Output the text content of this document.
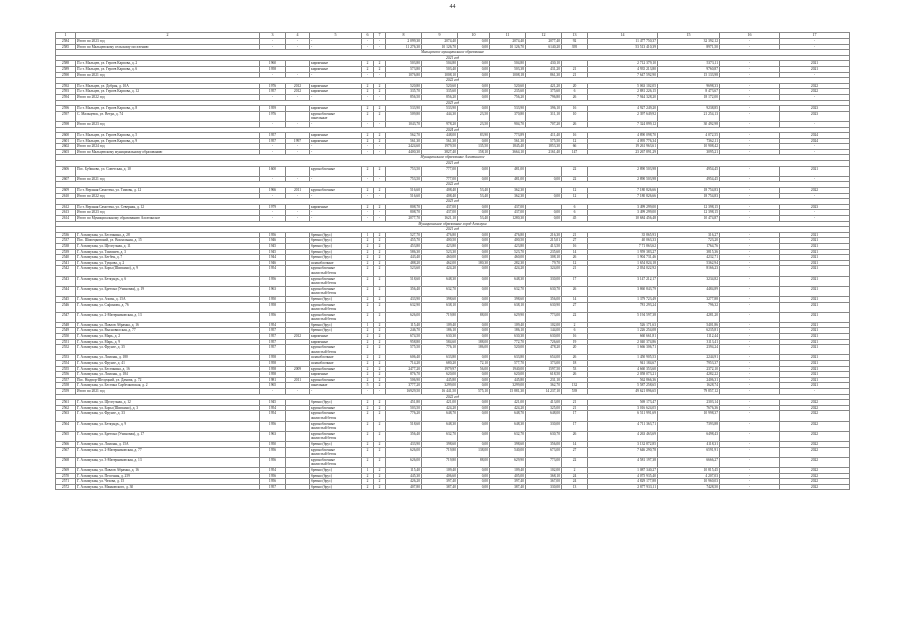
44
1	2	3	4	5	6	7	8	9	10	11	12	13	14	15	16	17
2584	Итого по 2023 год	-	-	-	-	-	2 099,30	2074,40	0,00	2074,40	2077,40	92	11 477 750,37	32 392,12	-	-
2585	Итого по Мальцевскому сельскому поселению	-	-	-	-	-	11 276,30	10 126,70	0,00	10 126,70	6140,20	395	53 513 410,39	8971,50	-	-
Мальцевское муниципальное образование																
2021 год																
2588	П.г.т. Мальцев, ул. Героев Карпова, д. 2	1960		кирпичные	2	2	503,80	504,80	0,00	504,80	430,10		2 712 379,10	5373,11	-	2021
2589	П.г.т. Мальцев, ул. Героев Карпова, д. 6	1958		кирпичные	2	2	573,80	503,40	0,00	503,38	431,20	21	4 935 213,80	9760,87	-	2021
2590	Итого по 2021 год	-	-	-	-	-	1076,80	1008,10	0,00	1008,18	861,30	21	7 647 592,90	15 133,98	-	-
2022 год																
2592	П.г.т. Мальцев, ул. Добрая, д. 10А	1976	2012	кирпичные	2	2	520,80	520,60	0,00	520,60	421,20	20	5 063 102,05	9698,33	-	2022
2593	П.г.т. Мальцев, ул. Героев Карпова, д. 12	1957	2012	кирпичные	2	2	335,70	335,60	0,00	235,60	375,60	6	2 881 226,15	8 473,67	-	2022
2594	Итого по 2022 год	-	-	-	-	-	856,50	856,20	0,00	756,20	796,80	26	7 944 328,20	18 172,00	-	-
2023 год																
2596	П.г.т. Мальцев, ул. Героев Карпова, д. 8	1959		кирпичные	2	2	533,90	533,90	0,00	533,90	396,10	16	4 927 249,20	9238,85	-	2023
2597	С. Мальцевск, ул. Ветра, д. 74	1976		крупноблочные
панельные	2	2	509,80	444,30	23,50	370,80	311,10	10	2 397 649,92	21 254,13	-	2023
2598	Итого по 2023 год	-	-	-	-	-	1043,70	978,20	23,50	904,70	707,20	26	7 324 899,12	30 492,98	-	-
2024 год																
2600	П.г.т. Мальцев, ул. Героев Карпова, д. 5	1957		кирпичные	2	2	562,70	448,00	83,90	773,89	411,40	16	4 890 098,70	4 072,55	-	2024
2601	П.г.т. Мальцев, ул. Героев Карпова, д. 9	1957	1997	кирпичные	2	2	561,30	561,30	0,00	561,30	575,50	12	4 095 776,34	7362,11	-	2024
2602	Итого по 2024 год	-	-	-	-	-	2424,60	1979,50	135,50	1845,40	1853,30	66	19 261 963,61	10 908,42	-	-
2603	Итого по Мальцевскому муниципальному образованию	-	-	-	-	-	4400,30	3827,40	158,10	3664,10	2161,40	147	23 267 891,29	3095,21	-	-
Муниципальное образование Алгатинское																
2021 год																
2606	Пос. Бубиково, ул. Советская, д. 10	1600		крупноблочные	2	2	753,50	777,00	0,00	481,00		22	2 890 503,98	4954,45	-	2021
2607	Итого по 2021 год	-	-	-	-	-	753,50	777,00	0,00	481,00	0,00	22	2 890 503,98	4954,45	-	-
2022 год																
2609	П.г.т. Верхняя Самотека, ул. Тимовь, д. 12	1966	2011	крупноблочные	2	2	516,60	408,40	53,40	362,30		12	7 180 826,66	18 754,83	-	2022
2610	Итого по 2022 год	-	-	-	-	-	516,60	408,40	53,40	362,30	0,00	12	7 180 826,66	18 754,83	-	-
2023 год																
2612	П.г.т. Верхняя Самотека, ул. Северная, д. 12	1979		кирпичные	2	2	808,70	437,00	0,00	437,00		6	3 499 299,00	12 398,15	-	2023
2613	Итого по 2023 год	-	-	-	-	-	808,70	437,00	0,00	437,00	0,00	6	3 499 299,00	12 398,15	-	-
2614	Итого по Муниципальному образованию Алгатинское	-	-	-	-	-	2077,70	1621,10	53,40	1280,30	0,00	45	10 684 456,48	10 474,87	-	-
Муниципальное образование город Алзамуки																
2021 год																
2536	Г. Алзамукин, ул. Бестинина, д. 28	1956		бревно (брус)	1	2	527,70	476,80	0,00	476,80	216,30	21	35 865,93	316,27	-	2021
2537	Пос. Шипецковский, ул. Вокзальная, д. 15	1946		бревно (брус)	2	2	455,70	400,50	0,00	400,50	215,01	27	40 063,33	723,20	-	2021
2538	Г. Алзамукин, ул. Щелгучная, д. 11	1945		бревно (брус)	2	2	453,80	423,80	0,00	423,80	413,50	16	7 71 863,62	1764,76	-	2021
2539	Г. Алзамукин, ул. Тимошев, д. 3	1945		бревно (брус)	2	2	586,30	523,30	0,00	523,70	235,60	14	1 959 383,27	3815,36	-	2021
2540	Г. Алзамукин, ул. Бегбен, д. 7	1944		бревно (брус)	2	2	443,40	460,00	0,00	460,00	308,10	26	1 904 731,46	4232,71	-	2021
2541	Г. Алзамукин, ул. Туцкова, д. 2	1946		шлакоблочные	2	2	488,20	462,00	180,30	282,30	79,70	12	1 654 824,18	5362,94	-	2021
2542	Г. Алзамукин, ул. Боры (Шипкино), д. 9	1954		крупноблочные
жилистый бетон	2	2	523,60	424,20	0,00	424,20	324,00	21	2 034 022,92	8166,23	-	2021
2543	Г. Алзамукин, ул. Беткундъ, д. 6	1956		крупноблочные
жилистый бетон	2	2	518,60	648,30	0,00	648,30	330,00	17	3 147 212,17	3234,82	-	2021
2544	Г. Алзамукин, ул. Бретона (Учиновая), д. 19	1963		крупноблочные
жилистый бетон	2	2	356,40	632,70	0,00	632,70	630,70	26	3 860 843,79	4484,89	-	2021
2545	Г. Алзамукин, ул. Азовн, д. 15А	1950		бревно (брус)	2	2	433,90	398,60	0,00	398,60	356,00	14	1 379 723,49	3277,88	-	2021
2546	Г. Алзамукин, ул. Сафонова, д. 76	1958		крупноблочные
жилистый бетон	2	2	632,90	638,10	0,00	638,10	630,90	27	781 293,24	796,32	-	2021
2547	Г. Алзамукин, ул. 2-Матерниковская, д. 13	1956		крупноблочные
жилистый бетон	2	2	626,00	719,80	88,00	629,90	773,00	22	5 194 597,38	4281,20	-	2021
2548	Г. Алзамукин, ул. Павлов Абрамка, д. 16	1954		бревно (брус)	1	2	115,40	109,40	0,00	109,40	102,00	2	526 171,63	5401,86	-	2021
2549	Г. Алзамукин, ул. Высновилская, д. 77	1957		бревно (брус)	2	2	246,70	186,10	0,00	186,10	144,00	6	1 226 254,08	6235,81	-	2021
2550	Г. Алзамукин, ул. Марь, д. 2	1957	2012	кирпичные	2	2	674,50	630,30	0,00	630,30	630,00	16	660 661,81	1112,44	-	2021
2551	Г. Алзамукин, ул. Марь, д. 9	1957		кирпичные	2	2	958,80	584,60	188,00	772,70	726,60	19	2 040 374,86	3113,41	-	2021
2552	Г. Алзамукин, ул. Фрунзе, д. 35	1957		крупноблочные
жилистый бетон	2	2	575,50	776,10	186,00	520,00	478,20	20	1 666 306,71	2394,24	-	2021
2553	Г. Алзамукин, ул. Ломоны, д. 180	1958		шлакоблочные	2	2	606,40	633,80	0,00	633,80	654,00	26	1 450 905,53	2244,91	-	2021
2554	Г. Алзамукин, ул. Фрунзе, д. 41	1958		шлакоблочные	2	2	714,20	680,20	72,10	577,70	373,00	18	941 184,67	7953,37	-	2021
2555	Г. Алзамукин, ул. Бестинина, д. 16	1958	2009	крупноблочные	2	2	2477,20	1979,97	56,00	1940,00	1597,50	53	4 660 353,60	2372,10	-	2021
2556	Г. Алзамукин, ул. Ломоны, д. 184	1958		кирпичные	2	2	876,70	620,00	0,00	620,00	618,50	26	2 058 073,21	4282,22	-	2021
2557	Пос. Нидвор-Шелуцкий, ул. Дамова, д. 72	1981	2011	крупноблочные	2	2	506,90	445,80	0,00	445,80	231,10		562 866,36	2406,31	-	2021
2558	Г. Алзамукин, ул. Бестина Сарбелковская, д. 2	1965		панельные	5	2	3777,20	3299,00	0,00	3299,00	362,70	132	5 587 258,65	1628,74	-	2021
2559	Итого по 2021 год	-	-	-	-	-	16929,50	16 441,50	575,10	15 881,30	14 237,10	539	49 621 896,65	79 857,12	-	-
2022 год																
2561	Г. Алзамукин, ул. Щелгучная, д. 12	1945		бревно (брус)	2	2	451,80	421,00	0,00	421,00	413,00	21	569 173,47	2303,14	-	2022
2562	Г. Алзамукин, ул. Боры (Шипкино), д. 3	1954		крупноблочные	2	2	503,50	424,20	0,00	424,20	325,00	21	3 016 624,05	7676,36	-	2022
2563	Г. Алзамукин, ул. Фрунзе, д. 33	1954		крупноблочные
жилистый бетон	2	2	776,20	648,70	0,00	648,70	648,00	17	6 511 991,69	10 998,37	-	2022
2564	Г. Алзамукин, ул. Беткундъ, д. 9	1956		крупноблочные
жилистый бетон	2	2	518,60	648,30	0,00	648,30	330,00	17	4 711 363,71	7393,88	-	2022
2565	Г. Алзамукин, ул. Бретона (Учиновая), д. 17	1963		крупноблочные
жилистый бетон	2	2	356,40	632,70	0,00	632,70	630,70	26	4 263 463,69	6498,43	-	2022
2566	Г. Алзамукин, ул. Ломоны, д. 15А	1950		бревно (брус)	2	2	433,90	398,60	0,00	398,60	356,00	14	3 132 872,85	4118,31	-	2022
2567	Г. Алзамукин, ул. 2-Матерниковская, д. 77	1956		крупноблочные
жилистый бетон	2	2	626,00	719,80	138,00	540,00	673,00	27	7 646 290,78	6591,91	-	2022
2568	Г. Алзамукин, ул. 3-Матерниковская, д. 13	1956		крупноблочные
жилистый бетон	2	2	626,00	719,80	88,00	629,90	773,00	22	4 581 197,38	6666,27	-	2022
2569	Г. Алзамукин, ул. Павлов Абрамка, д. 16	1954		бревно (брус)	1	2	115,40	109,40	0,00	109,40	102,00	2	1 087 340,27	10 815,45	-	2022
2570	Г. Алзамукин, ул. Песочная, д. 259	1956		бревно (брус)	2	2	445,30	406,60	0,00	405,00	368,10	24	4 075 935,40	4 207,03	-	2022
2571	Г. Алзамукин, ул. Чехова, д. 15	1956		бревно (брус)	2	2	426,20	397,40	0,00	397,40	367,00	24	4 829 177,88	10 960,03	-	2022
2572	Г. Алзамукин, ул. Маяковского, д. 30	1957		бревно (брус)	2	2	407,80	387,40	0,00	387,40	330,00	13	2 877 933,11	7428,50	-	2022
